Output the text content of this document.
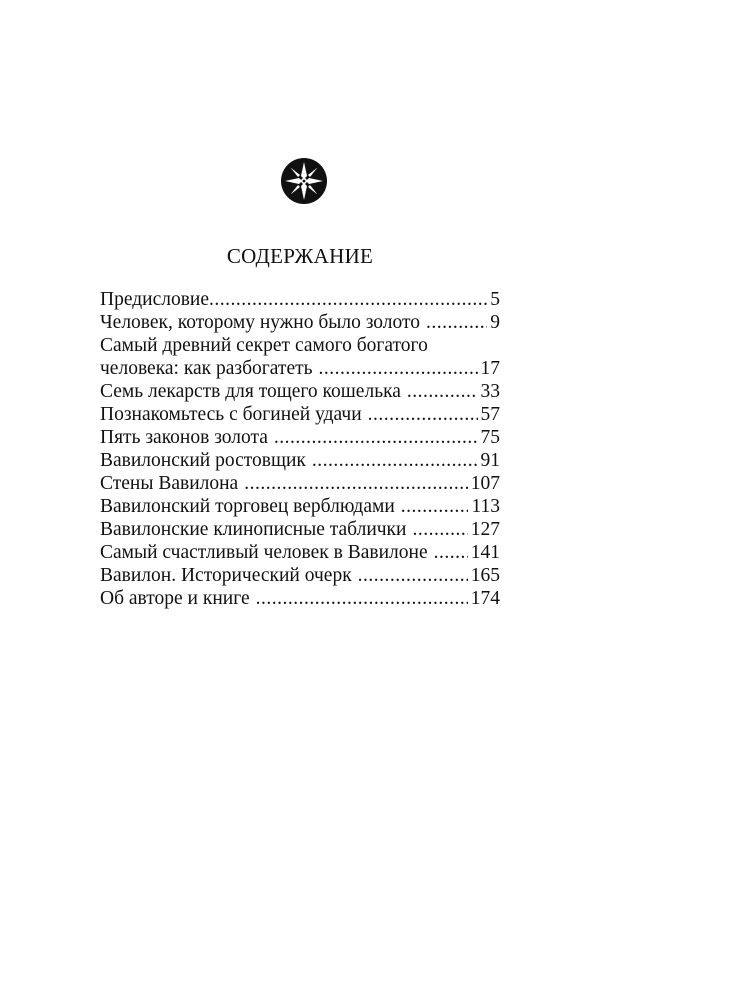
СОДЕРЖАНИЕ
Предисловие .....	5
Человек, которому нужно было золото .....	9
Самый древний секрет самого богатого
человека: как разбогатеть .....	17
Семь лекарств для тощего кошелька .....	33
Познакомьтесь с богиней удачи .....	57
Пять законов золота .....	75
Вавилонский ростовщик .....	91
Стены Вавилона .....	107
Вавилонский торговец верблюдами .....	113
Вавилонские клинописные таблички .....	127
Самый счастливый человек в Вавилоне ..... 141
Вавилон. Исторический очерк .....	165
Об авторе и книге .....	174
